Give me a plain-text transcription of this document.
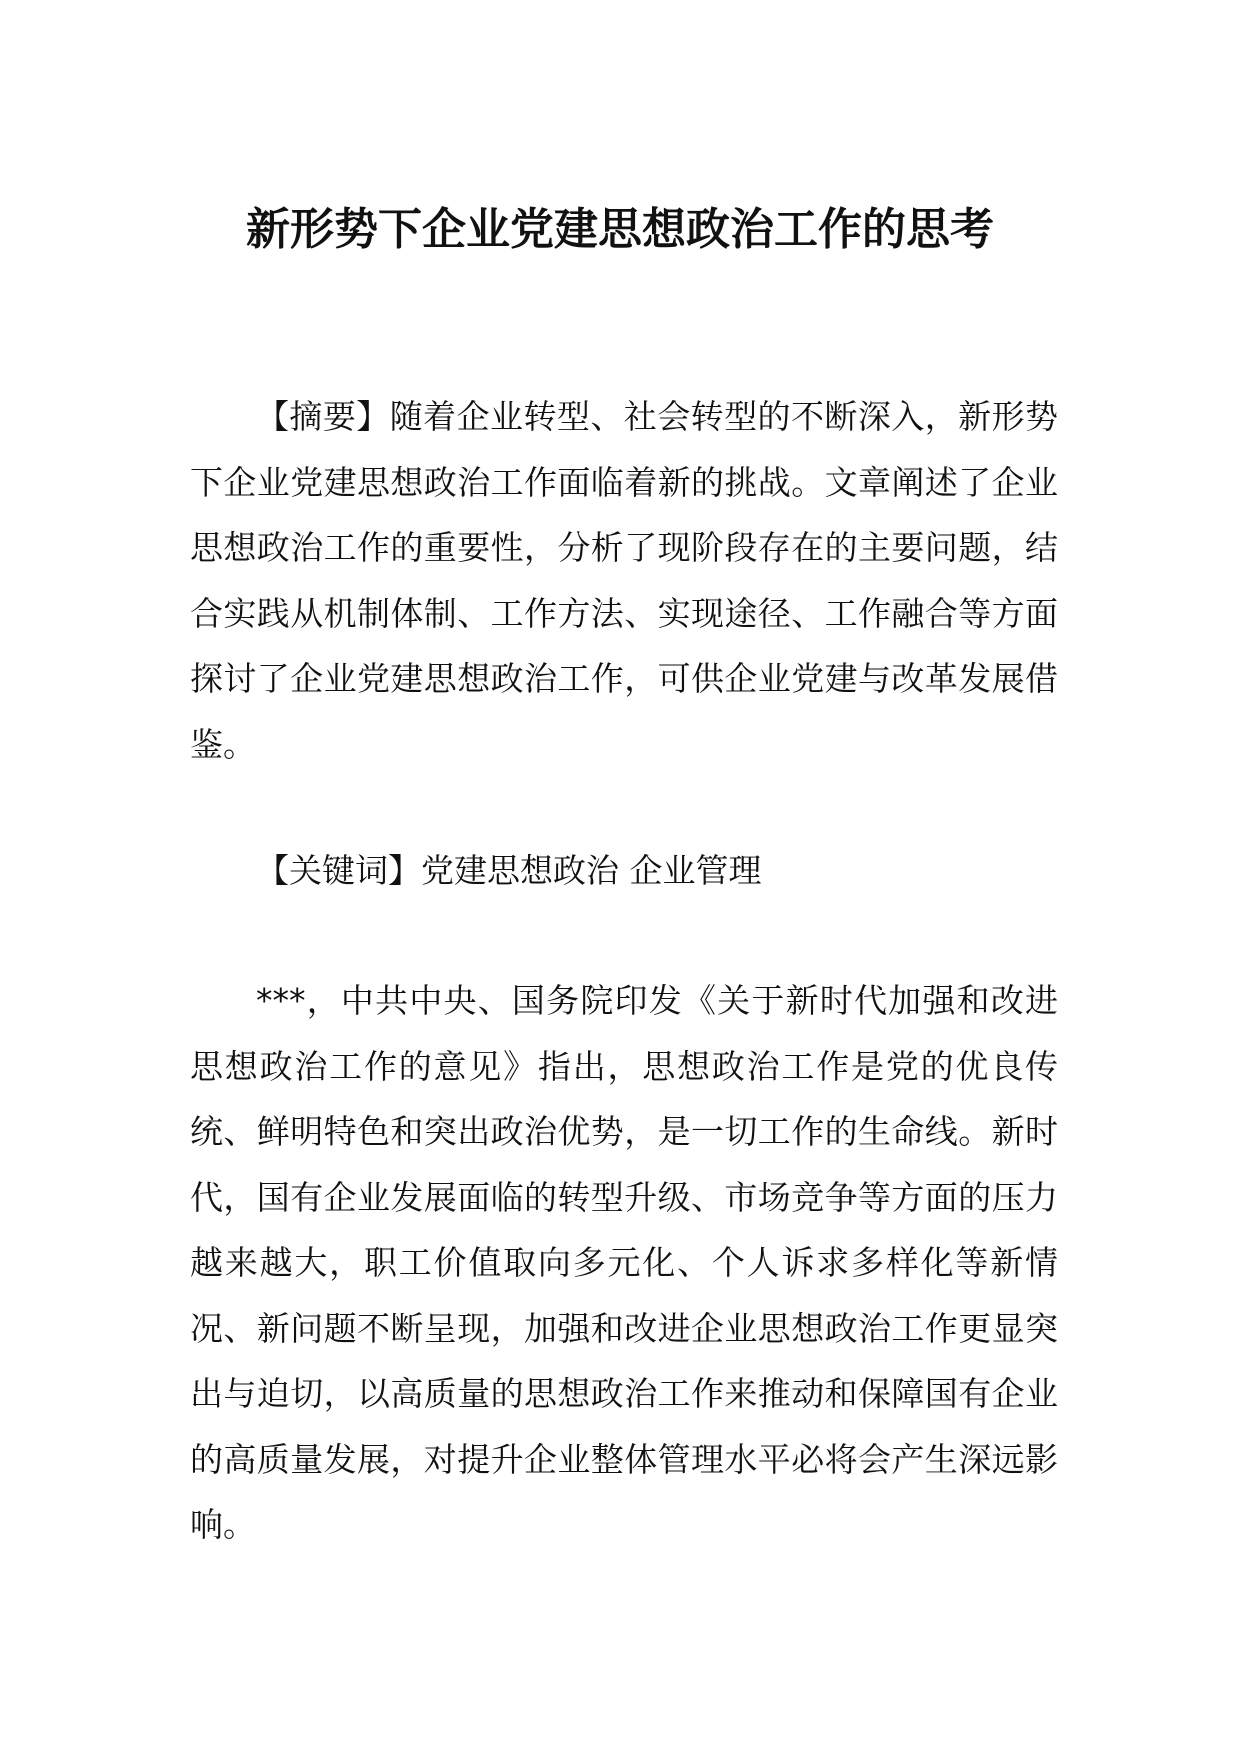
新形势下企业党建思想政治工作的思考

【摘要】随着企业转型、社会转型的不断深入，新形势下企业党建思想政治工作面临着新的挑战。文章阐述了企业思想政治工作的重要性，分析了现阶段存在的主要问题，结合实践从机制体制、工作方法、实现途径、工作融合等方面探讨了企业党建思想政治工作，可供企业党建与改革发展借鉴。

【关键词】党建思想政治 企业管理

***，中共中央、国务院印发《关于新时代加强和改进思想政治工作的意见》指出，思想政治工作是党的优良传统、鲜明特色和突出政治优势，是一切工作的生命线。新时代，国有企业发展面临的转型升级、市场竞争等方面的压力越来越大，职工价值取向多元化、个人诉求多样化等新情况、新问题不断呈现，加强和改进企业思想政治工作更显突出与迫切，以高质量的思想政治工作来推动和保障国有企业的高质量发展，对提升企业整体管理水平必将会产生深远影响。
